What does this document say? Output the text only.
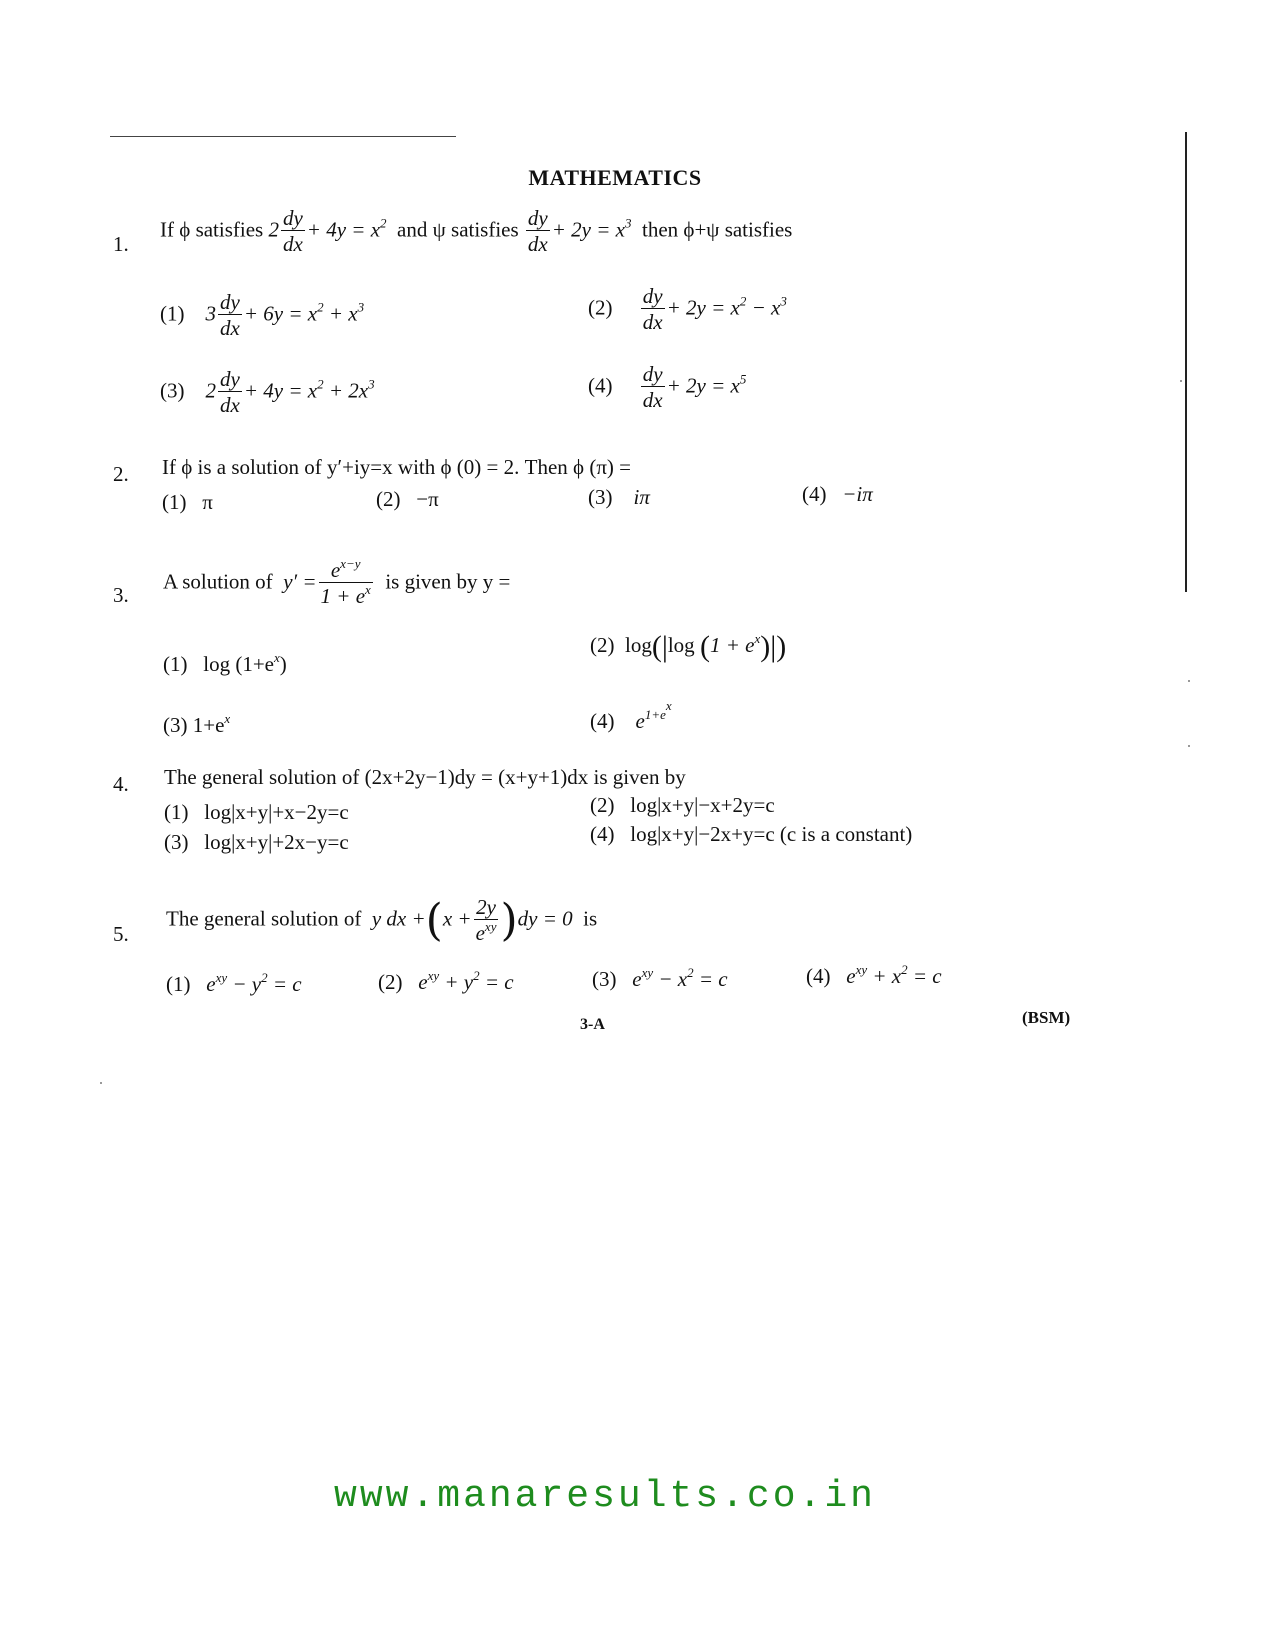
MATHEMATICS
1.
If ϕ satisfies $2 \frac{dy}{dx} + 4y = x^2$ and ψ satisfies $\frac{dy}{dx} + 2y = x^3$ then ϕ+ψ satisfies
(1) $3 \frac{dy}{dx} + 6y = x^2 + x^3$	$(2) \frac{dy}{dx} + 2y = x^2 - x^3$
(3) $2 \frac{dy}{dx} + 4y = x^2 + 2x^3$	$(4) \frac{dy}{dx} + 2y = x^5$
2. If ϕ is a solution of y′+iy=x with ϕ (0) = 2. Then ϕ (π) =
(1) π	(2) −π	(3) iπ	(4) −iπ
3.
A solution of $y' = \frac{e^{x-y}}{1 + e^x}$ is given by y =
(1) $\log (1+e^x)$
(2) log(|log $(1 + e^x)|$)
(3) $1+e^x$	(4) $e^{1+e^x}$
4. The general solution of (2x+2y−1)dy = (x+y+1)dx is given by
(1) log|x+y|+x−2y=c	(2) log|x+y|−x+2y=c
(3) log|x+y|+2x−y=c	(4) log|x+y|−2x+y=c (c is a constant)
5.
The general solution of y dx $+(x + \frac{2y}{e^{xy}} )dy = 0$ is
(1) $e^{xy} - y^2 = c$	(2) $e^{xy} + y^2 = c$	(3) $e^{xy} - x^2 = c$	(4) $e^{xy} + x^2 = c$
3-A	(BSM)
www.manaresults.co.in
